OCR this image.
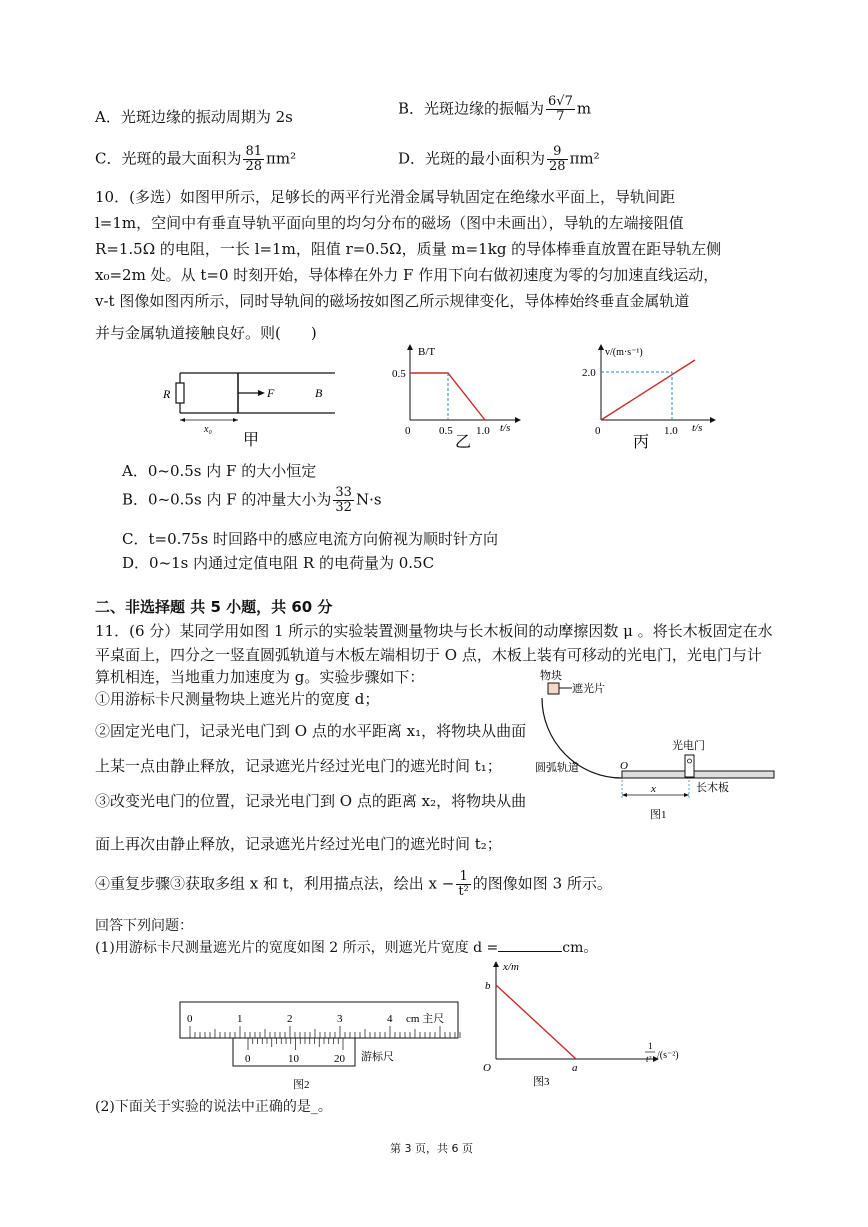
A．光斑边缘的振动周期为 2s	B．光斑边缘的振幅为 $\frac{6√7}{7}$ m
C．光斑的最大面积为 $\frac{81}{28} \pi m^2$	D．光斑的最小面积为 $\frac{9}{28} \pi m^2$
10．(多选）如图甲所示，足够长的两平行光滑金属导轨固定在绝缘水平面上，导轨间距
l=1m，空间中有垂直导轨平面向里的均匀分布的磁场（图中未画出），导轨的左端接阻值
R=1.5Ω 的电阻，一长 l=1m，阻值 r=0.5Ω，质量 m=1kg 的导体棒垂直放置在距导轨左侧
x₀=2m 处。从 t=0 时刻开始，导体棒在外力 F 作用下向右做初速度为零的匀加速直线运动，
v-t 图像如图丙所示，同时导轨间的磁场按如图乙所示规律变化，导体棒始终垂直金属轨道
并与金属轨道接触良好。则(　　)
R	F	B
x₀
甲
B/T
0.5
0	0.5 1.0 t/s
乙
v/(m·s⁻¹)
2.0
0	1.0 t/s
丙
A．0~0.5s 内 F 的大小恒定
B．0~0.5s 内 F 的冲量大小为 $\frac{33}{32} N\cdot s$
C．t=0.75s 时回路中的感应电流方向俯视为顺时针方向
D．0~1s 内通过定值电阻 R 的电荷量为 0.5C
二、非选择题 共 5 小题，共 60 分
11．(6 分）某同学用如图 1 所示的实验装置测量物块与长木板间的动摩擦因数 μ 。将长木板固定在水
平桌面上，四分之一竖直圆弧轨道与木板左端相切于 O 点，木板上装有可移动的光电门，光电门与计
算机相连，当地重力加速度为 g。实验步骤如下：
①用游标卡尺测量物块上遮光片的宽度 d；
②固定光电门，记录光电门到 O 点的水平距离 x₁，将物块从曲面
上某一点由静止释放，记录遮光片经过光电门的遮光时间 t₁；
③改变光电门的位置，记录光电门到 O 点的距离 x₂，将物块从曲
面上再次由静止释放，记录遮光片经过光电门的遮光时间 t₂；
④重复步骤③获取多组 x 和 t，利用描点法，绘出 $x - \frac{1}{\text{t²}}$ 的图像如图 3 所示。
回答下列问题：
(1)用游标卡尺测量遮光片的宽度如图 2 所示，则遮光片宽度 d =	cm。
物块
遮光片
O
圆弧轨道
光电门
长木板
x
图1
0	1	2	3	4 cm 主尺
0	10	20 游标尺
图2
x/m
b
O	a
1
t² /(s⁻²)
图3
(2)下面关于实验的说法中正确的是_。
第 3 页，共 6 页
